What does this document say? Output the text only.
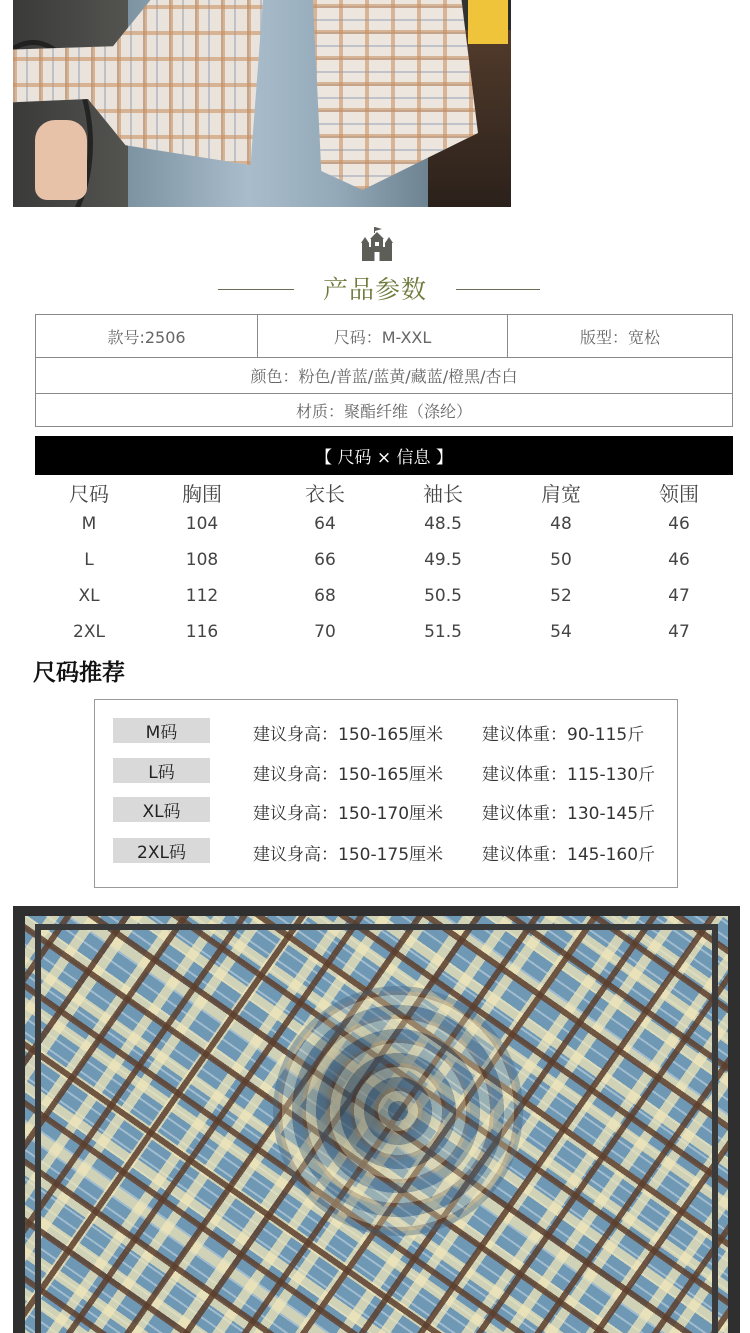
产品参数
款号:2506	尺码：M-XXL	版型：宽松
颜色：粉色/普蓝/蓝黄/藏蓝/橙黑/杏白
材质：聚酯纤维（涤纶）
【 尺码 × 信息 】
尺码	胸围	衣长	袖长	肩宽	领围
M	104	64	48.5	48	46
L	108	66	49.5	50	46
XL	112	68	50.5	52	47
2XL	116	70	51.5	54	47
尺码推荐
M码	建议身高：150-165厘米 建议体重：90-115斤
L码	建议身高：150-165厘米 建议体重：115-130斤
XL码	建议身高：150-170厘米 建议体重：130-145斤
2XL码	建议身高：150-175厘米 建议体重：145-160斤
